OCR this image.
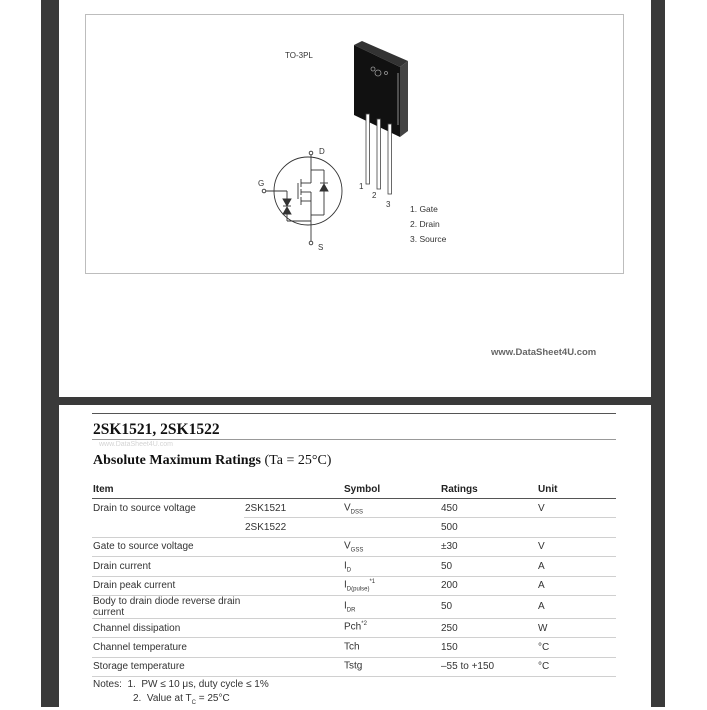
TO-3PL
D
G
S
1
2
3 1. Gate
2. Drain
3. Source
www.DataSheet4U.com
2SK1521, 2SK1522
www.DataSheet4U.com
Absolute Maximum Ratings (Ta = 25°C)
Item		Symbol	Ratings	Unit
Drain to source voltage	2SK1521	$V_{DSS}$	450	V
	2SK1522		500	
Gate to source voltage		$V_{GSS}$	±30	V
Drain current		$I_D$	50	A
Drain peak current		$I_{D(pulse)}^{*1}$	200	A
Body to drain diode reverse drain current		$I_{DR}$	50	A
Channel dissipation		Pch$^{*2}$	250	W
Channel temperature		Tch	150	°C
Storage temperature		Tstg	–55 to +150	°C
Notes: 1. PW ≤ 10 μs, duty cycle ≤ 1%
2. Value at $T_C = 25^\circ C$
